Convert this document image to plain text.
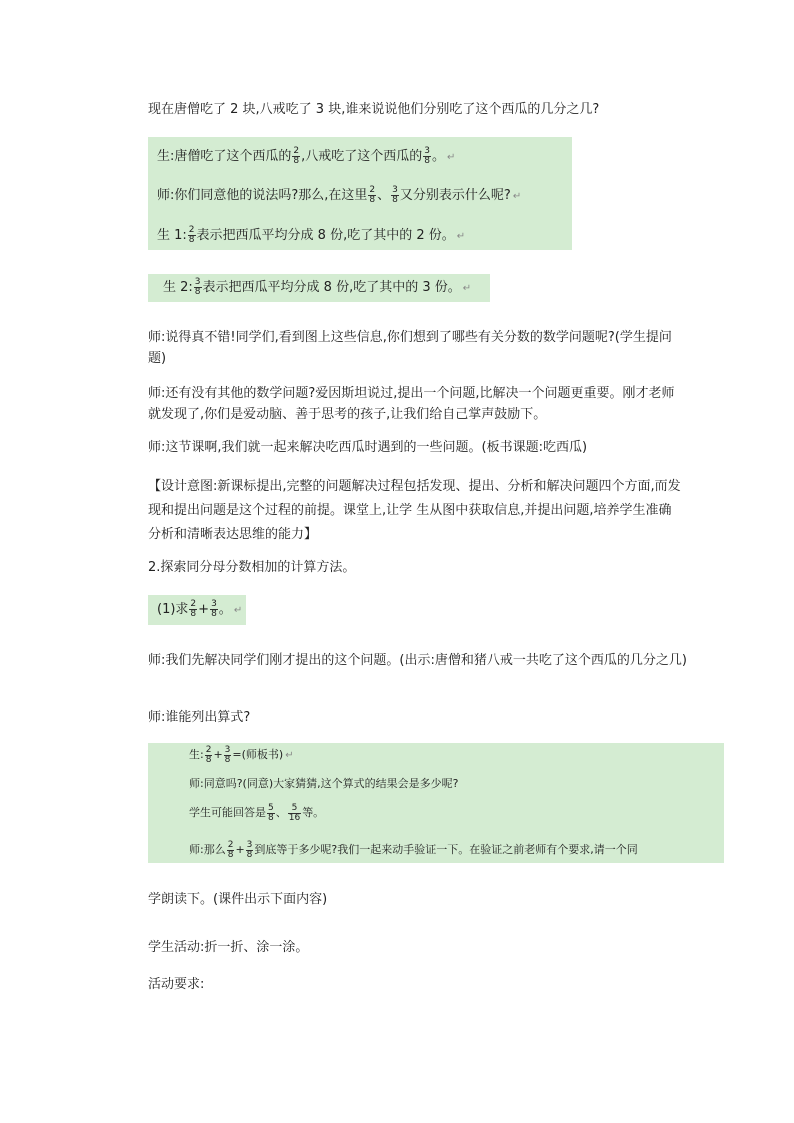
现在唐僧吃了 2 块,八戒吃了 3 块,谁来说说他们分别吃了这个西瓜的几分之几?
生:唐僧吃了这个西瓜的 $\frac{2}{8}$ ,八戒吃了这个西瓜的 $\frac{3}{8}$ 。 ↵
师:你们同意他的说法吗?那么,在这里 $\frac{2}{8}$ 、 $\frac{3}{8}$ 又分别表示什么呢? ↵
生 1: $\frac{2}{8}$ 表示把西瓜平均分成 8 份,吃了其中的 2 份。 ↵
生 2: $\frac{3}{8}$ 表示把西瓜平均分成 8 份,吃了其中的 3 份。 ↵
师:说得真不错!同学们,看到图上这些信息,你们想到了哪些有关分数的数学问题呢?(学生提问题)
师:还有没有其他的数学问题?爱因斯坦说过,提出一个问题,比解决一个问题更重要。刚才老师就发现了,你们是爱动脑、善于思考的孩子,让我们给自己掌声鼓励下。
师:这节课啊,我们就一起来解决吃西瓜时遇到的一些问题。(板书课题:吃西瓜)
【设计意图:新课标提出,完整的问题解决过程包括发现、提出、分析和解决问题四个方面,而发现和提出问题是这个过程的前提。课堂上,让学 生从图中获取信息,并提出问题,培养学生准确分析和清晰表达思维的能力】
2.探索同分母分数相加的计算方法。
(1)求 $\frac{2}{8} + \frac{3}{8}$ 。 ↵
师:我们先解决同学们刚才提出的这个问题。(出示:唐僧和猪八戒一共吃了这个西瓜的几分之几)
师:谁能列出算式?
生: $\frac{2}{8} + \frac{3}{8}$ =(师板书) ↵
师:同意吗?(同意)大家猜猜,这个算式的结果会是多少呢?
学生可能回答是 $\frac{5}{8}$ 、 $\frac{5}{16}$ 等。
师:那么 $\frac{2}{8} + \frac{3}{8}$ 到底等于多少呢?我们一起来动手验证一下。在验证之前老师有个要求,请一个同
学朗读下。(课件出示下面内容)
学生活动:折一折、涂一涂。
活动要求:
